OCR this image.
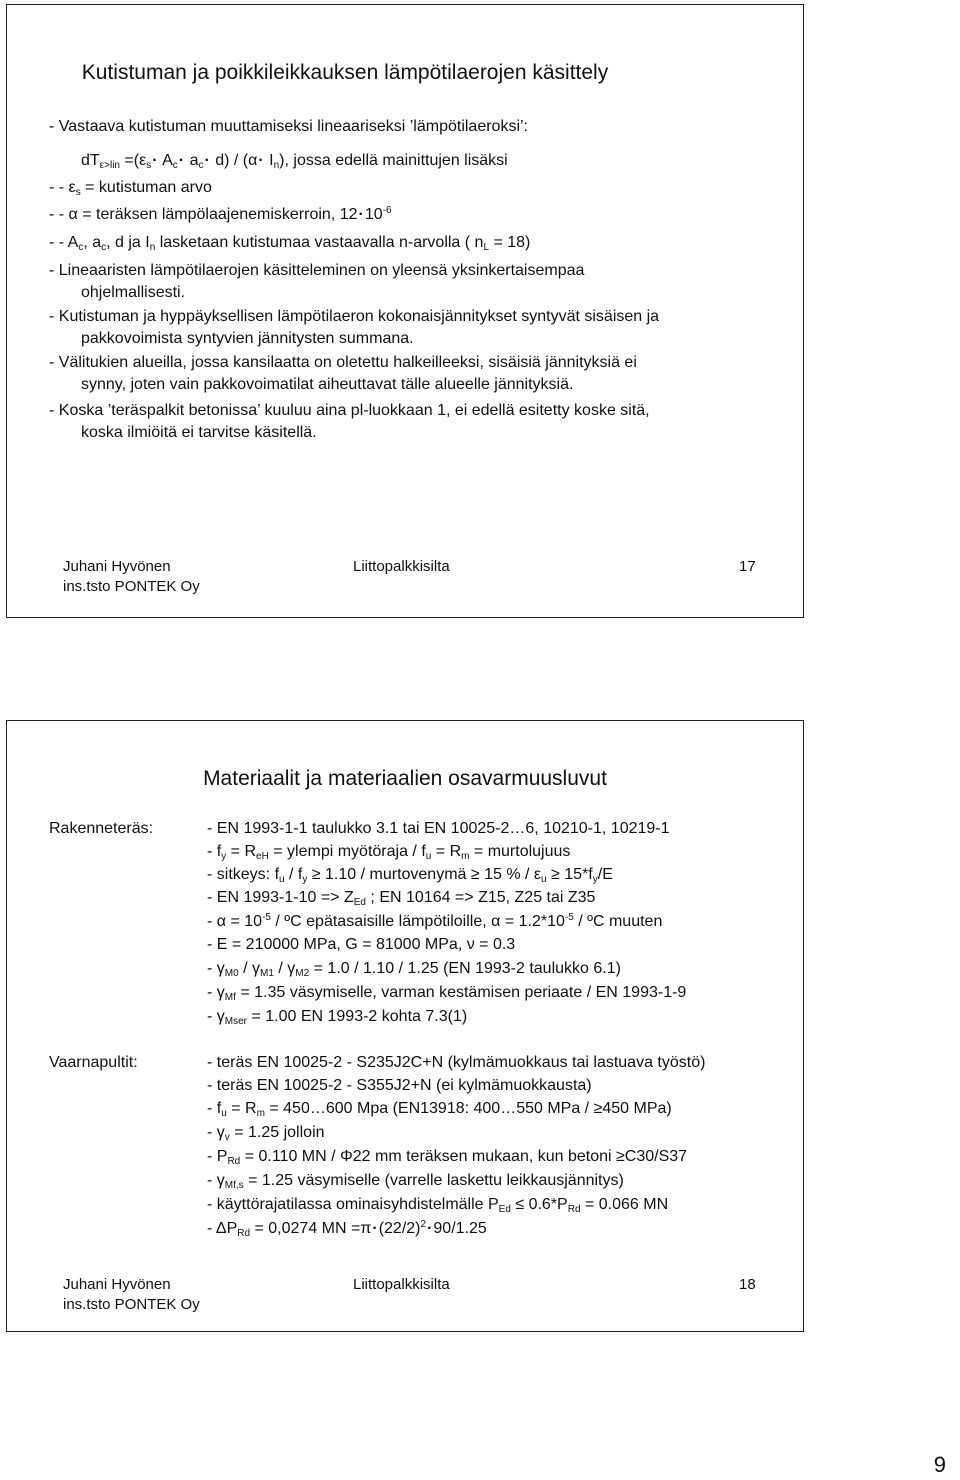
Kutistuman ja poikkileikkauksen lämpötilaerojen käsittely
- Vastaava kutistuman muuttamiseksi lineaariseksi ’lämpötilaeroksi’:
$dT_{\varepsilon>lin} =(\varepsilon_s\cdot A_c\cdot a_c\cdot d) / (\alpha\cdot I_n)$, jossa edellä mainittujen lisäksi
- - $\varepsilon_s$ = kutistuman arvo
- - α = teräksen lämpölaajenemiskerroin, $12\cdot 10^{-6}$
- - $A_c$, $a_c$, d ja $I_n$ lasketaan kutistumaa vastaavalla n-arvolla ( $n_L = 18$)
- Lineaaristen lämpötilaerojen käsitteleminen on yleensä yksinkertaisempaa
ohjelmallisesti.
- Kutistuman ja hyppäyksellisen lämpötilaeron kokonaisjännitykset syntyvät sisäisen ja
pakkovoimista syntyvien jännitysten summana.
- Välitukien alueilla, jossa kansilaatta on oletettu halkeilleeksi, sisäisiä jännityksiä ei
synny, joten vain pakkovoimatilat aiheuttavat tälle alueelle jännityksiä.
- Koska ’teräspalkit betonissa’ kuuluu aina pl-luokkaan 1, ei edellä esitetty koske sitä,
koska ilmiöitä ei tarvitse käsitellä.
Juhani Hyvönen
ins.tsto PONTEK Oy
Liittopalkkisilta	17
Materiaalit ja materiaalien osavarmuusluvut
Rakenneteräs:	- EN 1993-1-1 taulukko 3.1 tai EN 10025-2…6, 10210-1, 10219-1
- $f_y = R_{eH}$ = ylempi myötöraja / $f_u = R_m$ = murtolujuus
- sitkeys: $f_u / f_y \ge 1.10$ / murtovenymä ≥ 15 % / $\varepsilon_u \ge 15*f_y/E$
- EN $1993-1-10 => Z_{Ed}$ ; EN 10164 => Z15, Z25 tai Z35
- $\alpha = 10^{-5}$ / ºC epätasaisille lämpötiloille, $\alpha = 1.2*10^{-5}$ / ºC muuten
- E = 210000 MPa, G = 81000 MPa, ν = 0.3
- $\gamma_{M0} / \gamma_{M1} / \gamma_{M2} = 1.0 / 1.10 / 1.25$ (EN 1993-2 taulukko 6.1)
- $\gamma_{Mf} = 1.35$ väsymiselle, varman kestämisen periaate / EN 1993-1-9
- $\gamma_{Mser} = 1.00$ EN 1993-2 kohta 7.3(1)
Vaarnapultit:	- teräs EN 10025-2 - S235J2C+N (kylmämuokkaus tai lastuava työstö)
- teräs EN 10025-2 - S355J2+N (ei kylmämuokkausta)
- $f_u = R_m$ = 450…600 Mpa (EN13918: 400…550 MPa / ≥450 MPa)
- $\gamma_v = 1.25$ jolloin
- $P_{Rd} = 0.110$ MN / Φ22 mm teräksen mukaan, kun betoni ≥C30/S37
- $\gamma_{Mf,s} = 1.25$ väsymiselle (varrelle laskettu leikkausjännitys)
- käyttörajatilassa ominaisyhdistelmälle $P_{Ed} \le 0.6*P_{Rd} = 0.066$ MN
- $\Delta P_{Rd} = 0,0274$ MN $=\pi\cdot(22/2)^2\cdot 90/1.25$
Juhani Hyvönen
ins.tsto PONTEK Oy
Liittopalkkisilta	18
9
